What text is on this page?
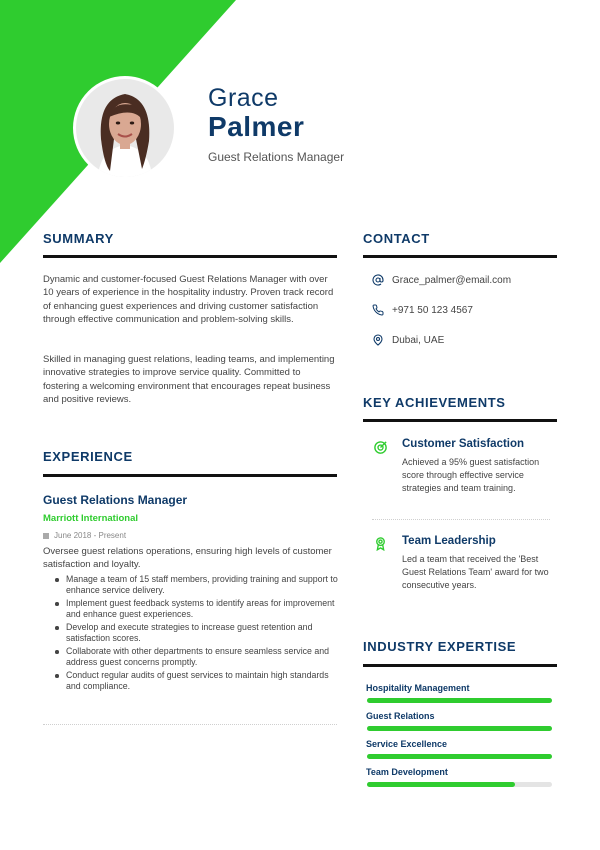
Grace
Palmer
Guest Relations Manager
SUMMARY

Dynamic and customer-focused Guest Relations Manager with over 10 years of experience in the hospitality industry. Proven track record of enhancing guest experiences and driving customer satisfaction through effective communication and problem-solving skills.

Skilled in managing guest relations, leading teams, and implementing innovative strategies to improve service quality. Committed to fostering a welcoming environment that encourages repeat business and positive reviews.

EXPERIENCE
Guest Relations Manager
Marriott International
June 2018 - Present

Oversee guest relations operations, ensuring high levels of customer satisfaction and loyalty.

Manage a team of 15 staff members, providing training and support to enhance service delivery.
Implement guest feedback systems to identify areas for improvement and enhance guest experiences.
Develop and execute strategies to increase guest retention and satisfaction scores.
Collaborate with other departments to ensure seamless service and address guest concerns promptly.
Conduct regular audits of guest services to maintain high standards and compliance.
CONTACT
Grace_palmer@email.com
+971 50 123 4567
Dubai, UAE
KEY ACHIEVEMENTS
Customer Satisfaction

Achieved a 95% guest satisfaction score through effective service strategies and team training.

Team Leadership

Led a team that received the 'Best Guest Relations Team' award for two consecutive years.

INDUSTRY EXPERTISE
Hospitality Management
Guest Relations
Service Excellence
Team Development
